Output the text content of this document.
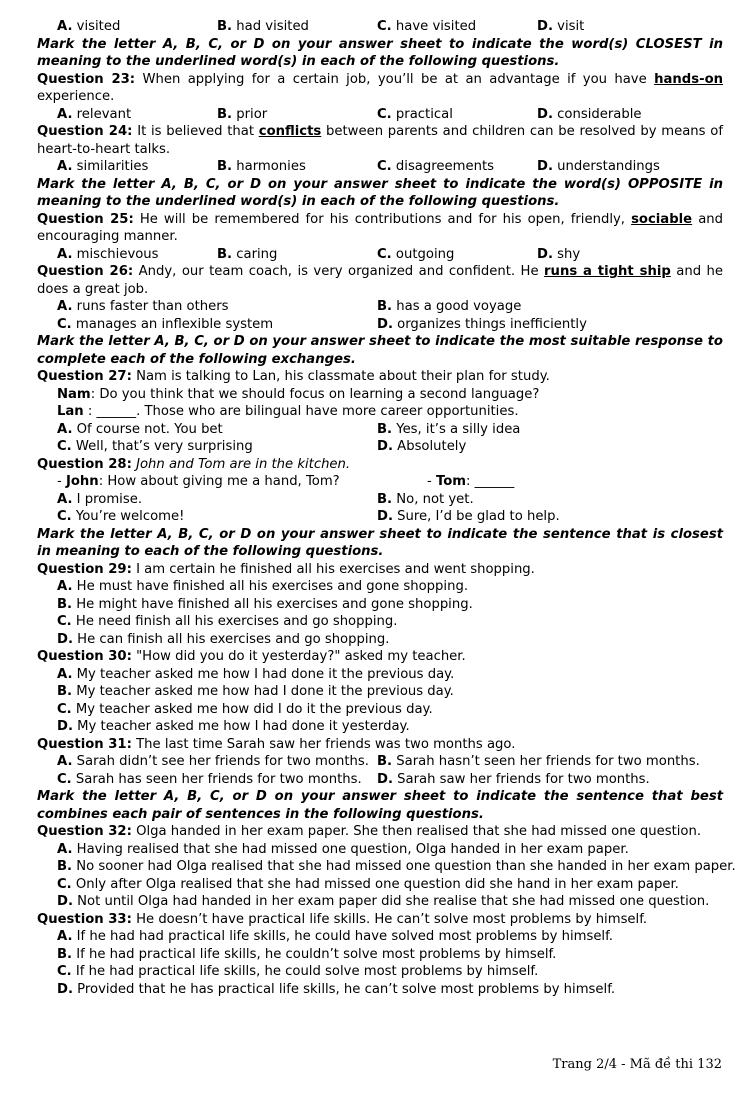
A. visited	B. had visited	C. have visited	D. visit
Mark the letter A, B, C, or D on your answer sheet to indicate the word(s) CLOSEST in meaning to the underlined word(s) in each of the following questions.
Question 23: When applying for a certain job, you’ll be at an advantage if you have hands-on experience.
A. relevant	B. prior	C. practical	D. considerable
Question 24: It is believed that conflicts between parents and children can be resolved by means of heart-to-heart talks.
A. similarities	B. harmonies	C. disagreements	D. understandings
Mark the letter A, B, C, or D on your answer sheet to indicate the word(s) OPPOSITE in meaning to the underlined word(s) in each of the following questions.
Question 25: He will be remembered for his contributions and for his open, friendly, sociable and encouraging manner.
A. mischievous	B. caring	C. outgoing	D. shy
Question 26: Andy, our team coach, is very organized and confident. He runs a tight ship and he does a great job.
A. runs faster than others	B. has a good voyage
C. manages an inflexible system	D. organizes things inefficiently
Mark the letter A, B, C, or D on your answer sheet to indicate the most suitable response to complete each of the following exchanges.
Question 27: Nam is talking to Lan, his classmate about their plan for study.
Nam: Do you think that we should focus on learning a second language?
Lan : ______. Those who are bilingual have more career opportunities.
A. Of course not. You bet	B. Yes, it’s a silly idea
C. Well, that’s very surprising	D. Absolutely
Question 28: John and Tom are in the kitchen.
- John: How about giving me a hand, Tom?	- Tom: ______
A. I promise.	B. No, not yet.
C. You’re welcome!	D. Sure, I’d be glad to help.
Mark the letter A, B, C, or D on your answer sheet to indicate the sentence that is closest in meaning to each of the following questions.
Question 29: I am certain he finished all his exercises and went shopping.
A. He must have finished all his exercises and gone shopping.
B. He might have finished all his exercises and gone shopping.
C. He need finish all his exercises and go shopping.
D. He can finish all his exercises and go shopping.
Question 30: "How did you do it yesterday?" asked my teacher.
A. My teacher asked me how I had done it the previous day.
B. My teacher asked me how had I done it the previous day.
C. My teacher asked me how did I do it the previous day.
D. My teacher asked me how I had done it yesterday.
Question 31: The last time Sarah saw her friends was two months ago.
A. Sarah didn’t see her friends for two months. B. Sarah hasn’t seen her friends for two months.
C. Sarah has seen her friends for two months. D. Sarah saw her friends for two months.
Mark the letter A, B, C, or D on your answer sheet to indicate the sentence that best combines each pair of sentences in the following questions.
Question 32: Olga handed in her exam paper. She then realised that she had missed one question.
A. Having realised that she had missed one question, Olga handed in her exam paper.
B. No sooner had Olga realised that she had missed one question than she handed in her exam paper.
C. Only after Olga realised that she had missed one question did she hand in her exam paper.
D. Not until Olga had handed in her exam paper did she realise that she had missed one question.
Question 33: He doesn’t have practical life skills. He can’t solve most problems by himself.
A. If he had had practical life skills, he could have solved most problems by himself.
B. If he had practical life skills, he couldn’t solve most problems by himself.
C. If he had practical life skills, he could solve most problems by himself.
D. Provided that he has practical life skills, he can’t solve most problems by himself.
Trang 2/4 - Mã đề thi 132
